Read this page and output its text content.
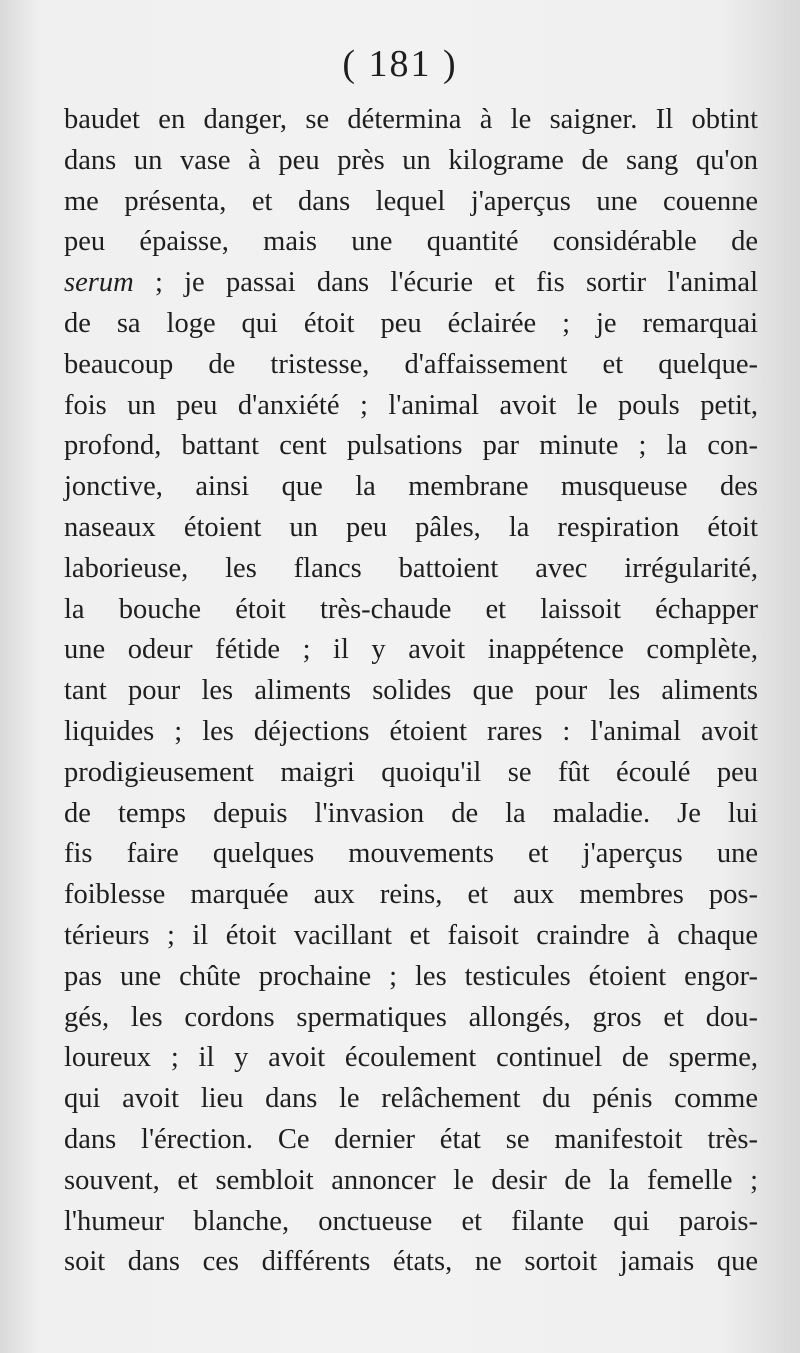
( 181 )
baudet en danger, se détermina à le saigner. Il obtint
dans un vase à peu près un kilograme de sang qu'on
me présenta, et dans lequel j'aperçus une couenne
peu épaisse, mais une quantité considérable de
serum ; je passai dans l'écurie et fis sortir l'animal
de sa loge qui étoit peu éclairée ; je remarquai
beaucoup de tristesse, d'affaissement et quelque-
fois un peu d'anxiété ; l'animal avoit le pouls petit,
profond, battant cent pulsations par minute ; la con-
jonctive, ainsi que la membrane musqueuse des
naseaux étoient un peu pâles, la respiration étoit
laborieuse, les flancs battoient avec irrégularité,
la bouche étoit très-chaude et laissoit échapper
une odeur fétide ; il y avoit inappétence complète,
tant pour les aliments solides que pour les aliments
liquides ; les déjections étoient rares : l'animal avoit
prodigieusement maigri quoiqu'il se fût écoulé peu
de temps depuis l'invasion de la maladie. Je lui
fis faire quelques mouvements et j'aperçus une
foiblesse marquée aux reins, et aux membres pos-
térieurs ; il étoit vacillant et faisoit craindre à chaque
pas une chûte prochaine ; les testicules étoient engor-
gés, les cordons spermatiques allongés, gros et dou-
loureux ; il y avoit écoulement continuel de sperme,
qui avoit lieu dans le relâchement du pénis comme
dans l'érection. Ce dernier état se manifestoit très-
souvent, et sembloit annoncer le desir de la femelle ;
l'humeur blanche, onctueuse et filante qui parois-
soit dans ces différents états, ne sortoit jamais que
